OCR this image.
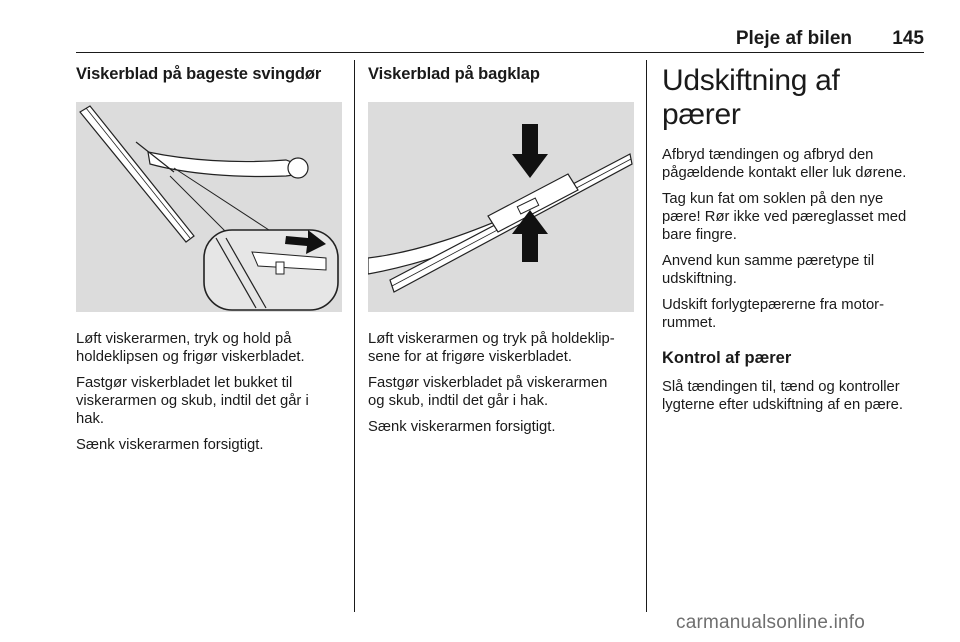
Pleje af bilen 145
Viskerblad på bageste svingdør

Løft viskerarmen, tryk og hold på
holdeklipsen og frigør viskerbladet.

Fastgør viskerbladet let bukket til
viskerarmen og skub, indtil det går i
hak.

Sænk viskerarmen forsigtigt.

Viskerblad på bagklap

Løft viskerarmen og tryk på holdeklip-
sene for at frigøre viskerbladet.

Fastgør viskerbladet på viskerarmen
og skub, indtil det går i hak.

Sænk viskerarmen forsigtigt.

Udskiftning af pærer

Afbryd tændingen og afbryd den
pågældende kontakt eller luk dørene.

Tag kun fat om soklen på den nye
pære! Rør ikke ved pæreglasset med
bare fingre.

Anvend kun samme pæretype til
udskiftning.

Udskift forlygtepærerne fra motor-
rummet.

Kontrol af pærer

Slå tændingen til, tænd og kontroller
lygterne efter udskiftning af en pære.

carmanualsonline.info
